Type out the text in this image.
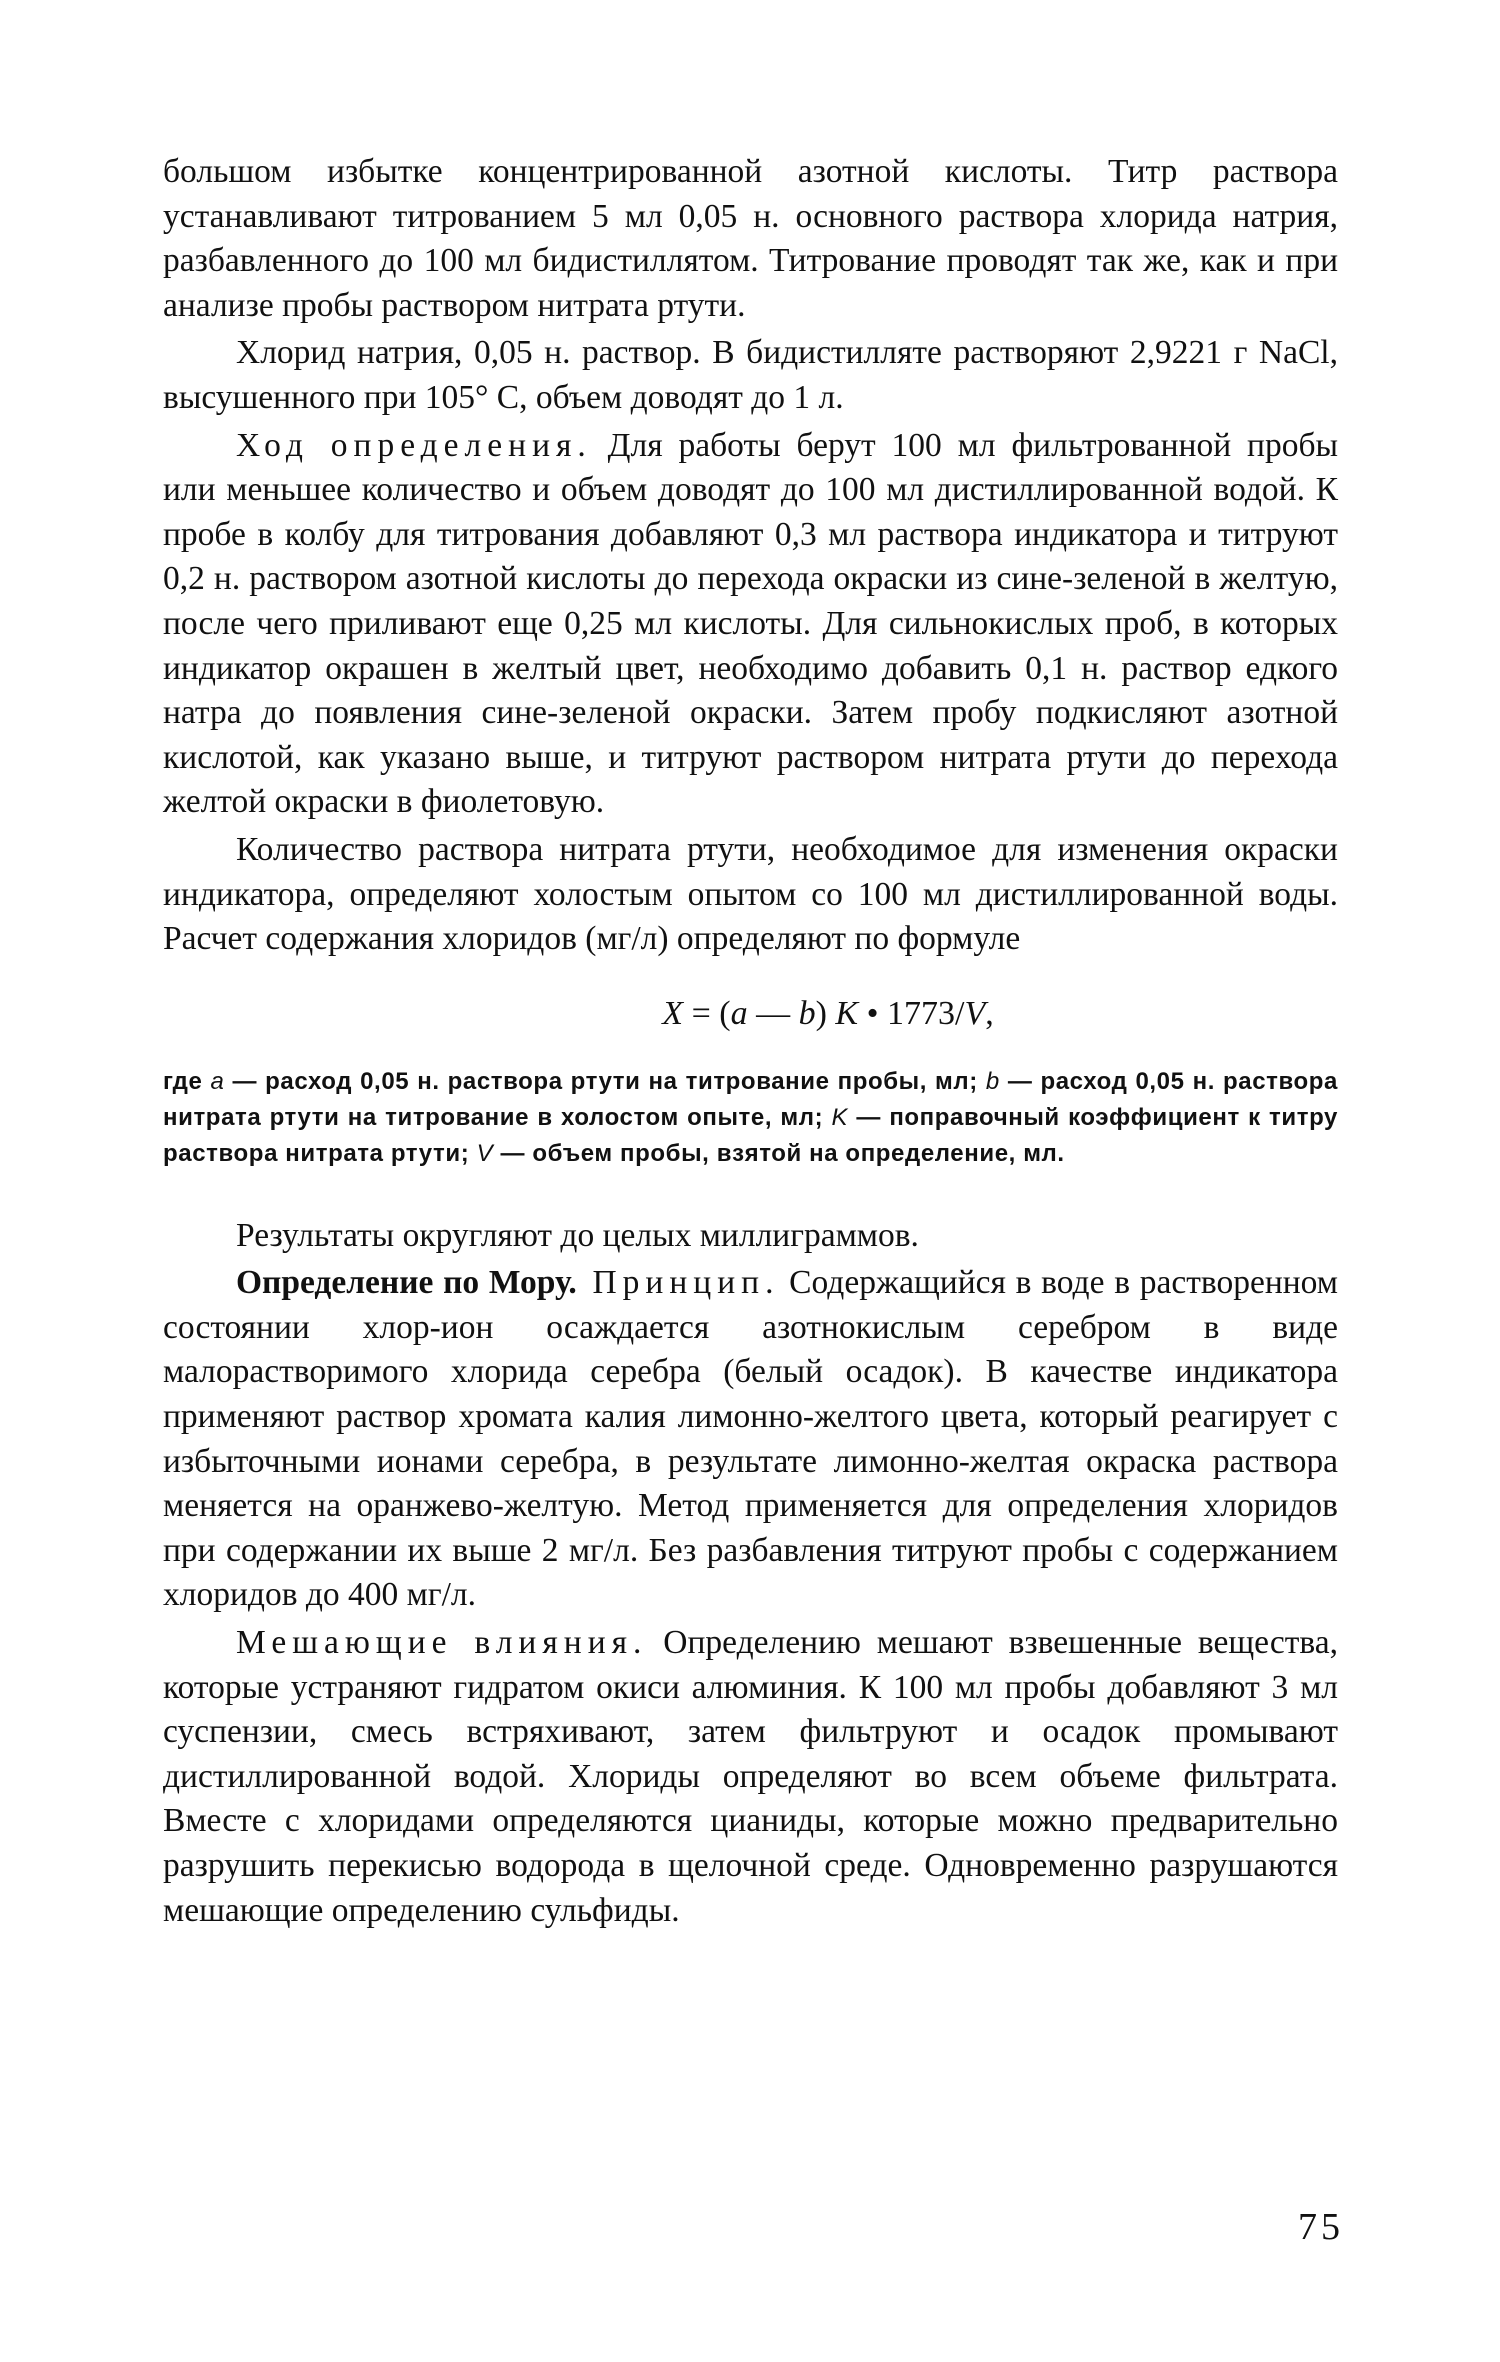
большом избытке концентрированной азотной кислоты. Титр раствора устанавливают титрованием 5 мл 0,05 н. основного раствора хлорида натрия, разбавленного до 100 мл бидистиллятом. Титрование проводят так же, как и при анализе пробы раствором нитрата ртути.

Хлорид натрия, 0,05 н. раствор. В бидистилляте растворяют 2,9221 г NaCl, высушенного при 105° С, объем доводят до 1 л.

Ход определения. Для работы берут 100 мл фильтрованной пробы или меньшее количество и объем доводят до 100 мл дистиллированной водой. К пробе в колбу для титрования добавляют 0,3 мл раствора индикатора и титруют 0,2 н. раствором азотной кислоты до перехода окраски из сине-зеленой в желтую, после чего приливают еще 0,25 мл кислоты. Для сильнокислых проб, в которых индикатор окрашен в желтый цвет, необходимо добавить 0,1 н. раствор едкого натра до появления сине-зеленой окраски. Затем пробу подкисляют азотной кислотой, как указано выше, и титруют раствором нитрата ртути до перехода желтой окраски в фиолетовую.

Количество раствора нитрата ртути, необходимое для изменения окраски индикатора, определяют холостым опытом со 100 мл дистиллированной воды. Расчет содержания хлоридов (мг/л) определяют по формуле

X = (a — b) K • 1773/V,

где a — расход 0,05 н. раствора ртути на титрование пробы, мл; b — расход 0,05 н. раствора нитрата ртути на титрование в холостом опыте, мл; K — поправочный коэффициент к титру раствора нитрата ртути; V — объем пробы, взятой на определение, мл.

Результаты округляют до целых миллиграммов.

Определение по Мору. Принцип. Содержащийся в воде в растворенном состоянии хлор-ион осаждается азотнокислым серебром в виде малорастворимого хлорида серебра (белый осадок). В качестве индикатора применяют раствор хромата калия лимонно-желтого цвета, который реагирует с избыточными ионами серебра, в результате лимонно-желтая окраска раствора меняется на оранжево-желтую. Метод применяется для определения хлоридов при содержании их выше 2 мг/л. Без разбавления титруют пробы с содержанием хлоридов до 400 мг/л.

Мешающие влияния. Определению мешают взвешенные вещества, которые устраняют гидратом окиси алюминия. К 100 мл пробы добавляют 3 мл суспензии, смесь встряхивают, затем фильтруют и осадок промывают дистиллированной водой. Хлориды определяют во всем объеме фильтрата. Вместе с хлоридами определяются цианиды, которые можно предварительно разрушить перекисью водорода в щелочной среде. Одновременно разрушаются мешающие определению сульфиды.

75
